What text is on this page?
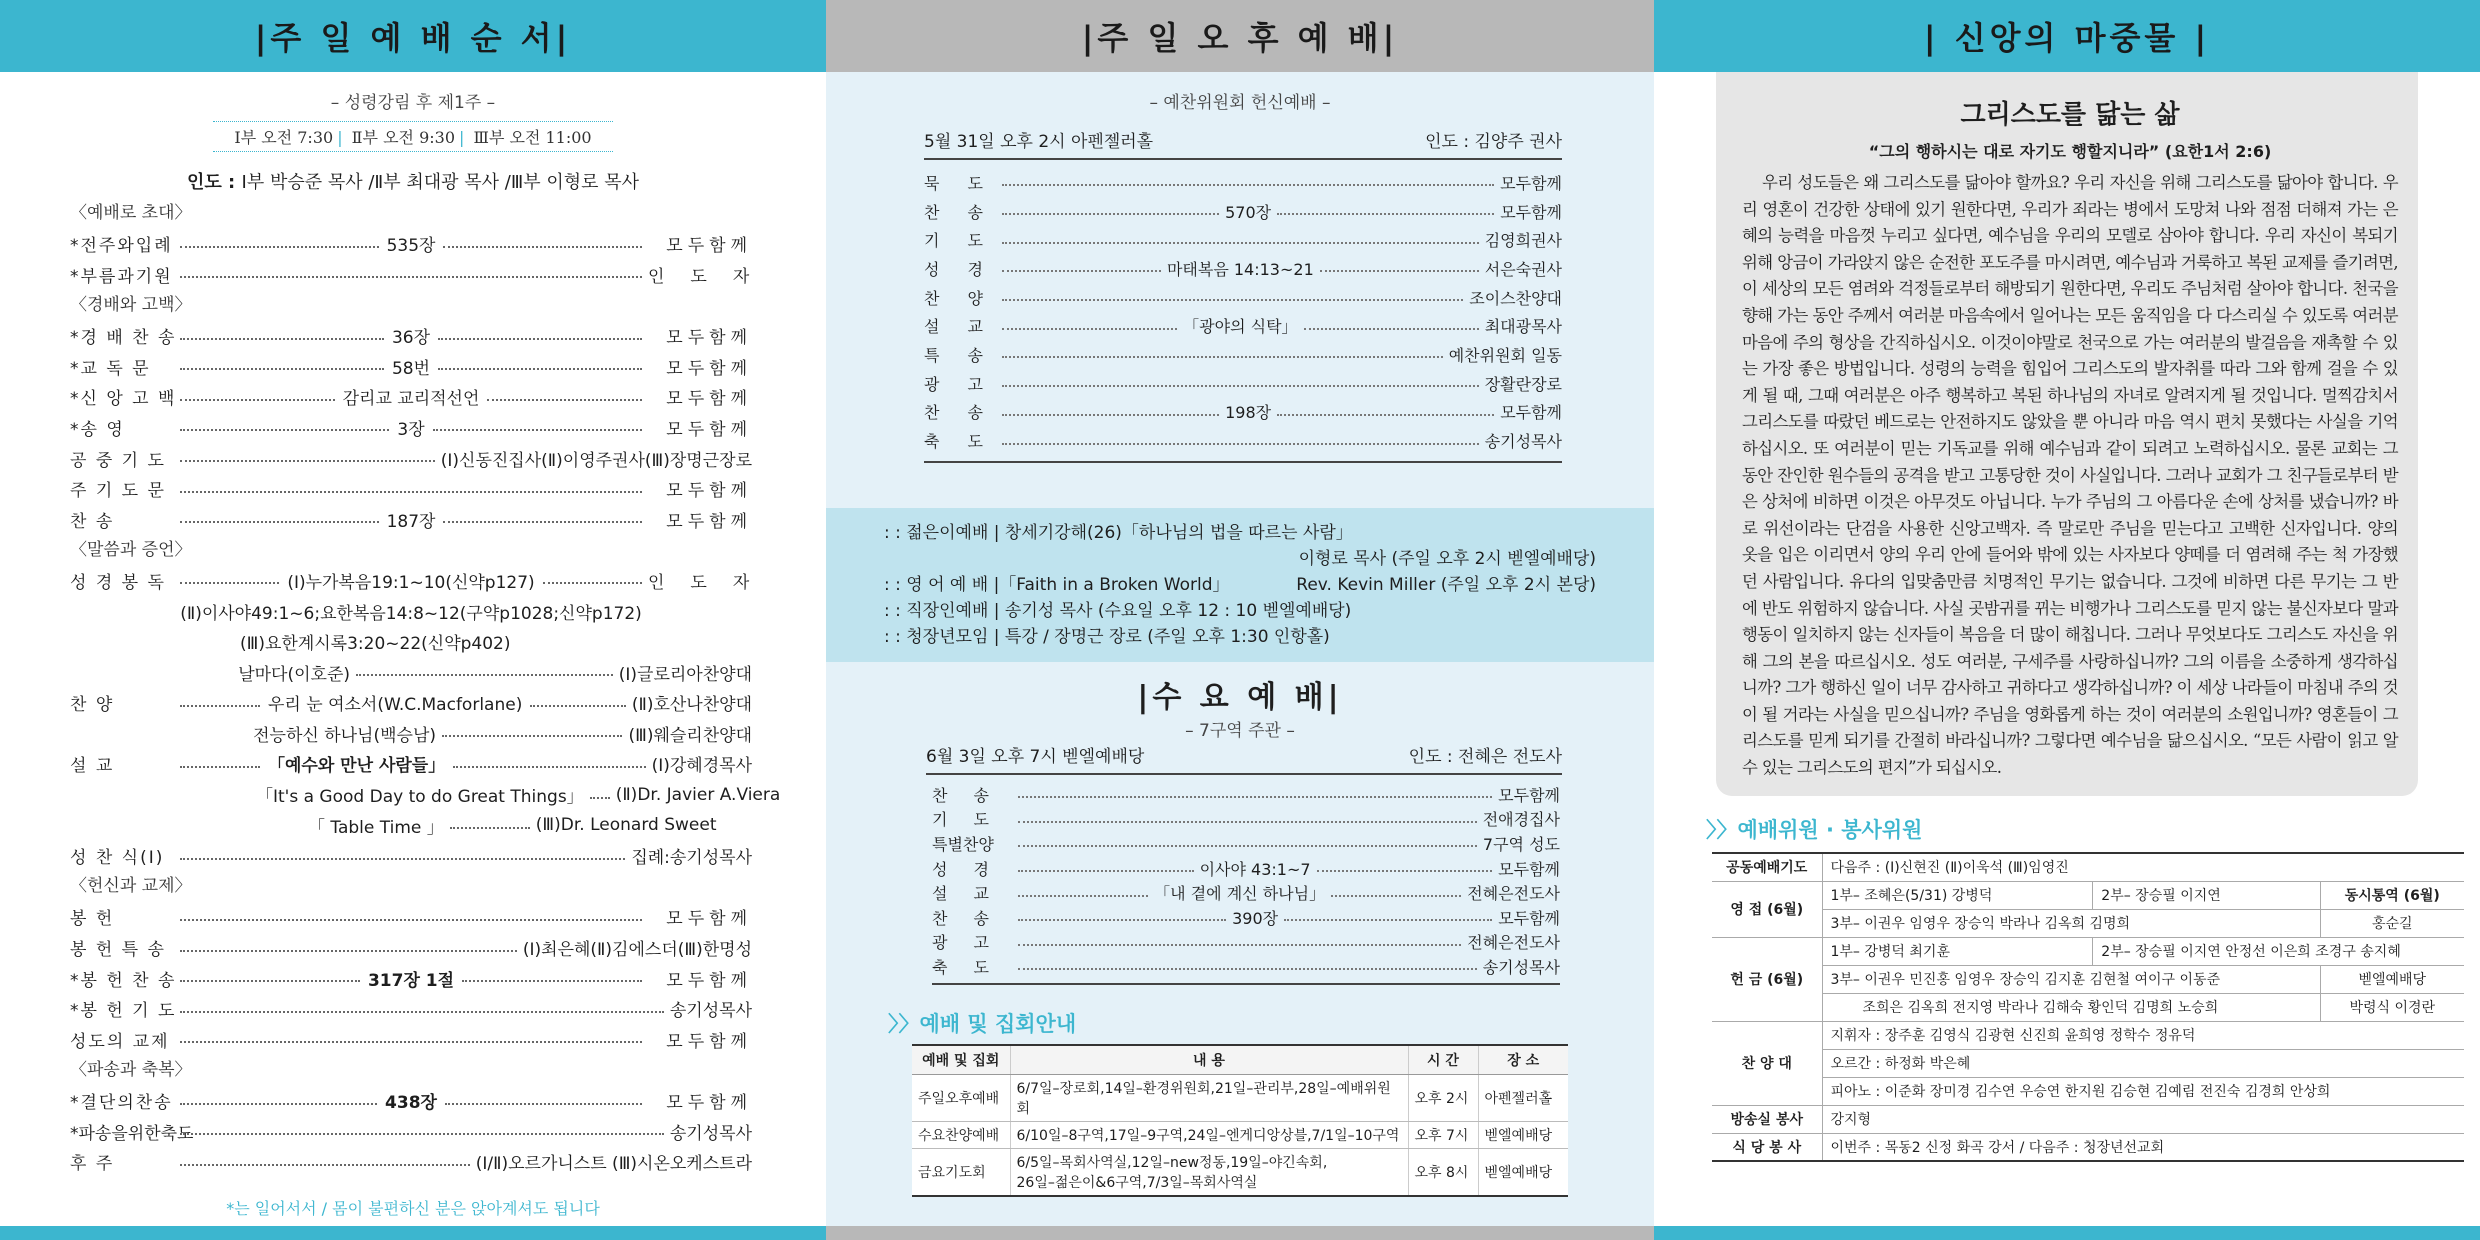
|주 일 예 배 순 서|
– 성령강림 후 제1주 –
Ⅰ부 오전 7:30 | Ⅱ부 오전 9:30 | Ⅲ부 오전 11:00
인도 : Ⅰ부 박승준 목사 /Ⅱ부 최대광 목사 /Ⅲ부 이형로 목사
〈예배로 초대〉
*전주와입례	535장	모두함께
*부름과기원	인도자
〈경배와 고백〉
*경 배 찬 송	36장	모두함께
*교 독 문	58번	모두함께
*신 앙 고 백	감리교 교리적선언	모두함께
*송 영	3장	모두함께
공 중 기 도	(Ⅰ)신동진집사(Ⅱ)이영주권사(Ⅲ)장명근장로
주 기 도 문	모두함께
찬 송	187장	모두함께
〈말씀과 증언〉
성 경 봉 독	(Ⅰ)누가복음19:1~10(신약p127)	인도자
(Ⅱ)이사야49:1~6;요한복음14:8~12(구약p1028;신약p172)
(Ⅲ)요한계시록3:20~22(신약p402)
날마다(이호준)	(Ⅰ)글로리아찬양대
찬 양	우리 눈 여소서(W.C.Macforlane)	(Ⅱ)호산나찬양대
전능하신 하나님(백승남)	(Ⅲ)웨슬리찬양대
설 교	「예수와 만난 사람들」	(Ⅰ)강혜경목사
「It's a Good Day to do Great Things」 (Ⅱ)Dr. Javier A.Viera
「 Table Time 」	(Ⅲ)Dr. Leonard Sweet
성 찬 식(Ⅰ)	집례:송기성목사
〈헌신과 교제〉
봉 헌	모두함께
봉 헌 특 송	(Ⅰ)최은혜(Ⅱ)김에스더(Ⅲ)한명성
*봉 헌 찬 송	317장 1절	모두함께
*봉 헌 기 도	송기성목사
성도의 교제	모두함께
〈파송과 축복〉
*결단의찬송	438장	모두함께
*파송을위한축도	송기성목사
후 주	(Ⅰ/Ⅱ)오르가니스트 (Ⅲ)시온오케스트라
*는 일어서서 / 몸이 불편하신 분은 앉아계셔도 됩니다
|주 일 오 후 예 배|
– 예찬위원회 헌신예배 –
5월 31일 오후 2시 아펜젤러홀	인도 : 김양주 권사
묵도	모두함께
찬송	570장	모두함께
기도	김영희권사
성경	마태복음 14:13~21	서은숙권사
찬양	조이스찬양대
설교	「광야의 식탁」	최대광목사
특송	예찬위원회 일동
광고	장활란장로
찬송	198장	모두함께
축도	송기성목사
: : 젊은이예배 | 창세기강해(26)「하나님의 법을 따르는 사람」
이형로 목사 (주일 오후 2시 벧엘예배당)
: : 영 어 예 배 |「Faith in a Broken World」	Rev. Kevin Miller (주일 오후 2시 본당)
: : 직장인예배 | 송기성 목사 (수요일 오후 12 : 10 벧엘예배당)
: : 청장년모임 | 특강 / 장명근 장로 (주일 오후 1:30 인항홀)
|수 요 예 배|
– 7구역 주관 –
6월 3일 오후 7시 벧엘예배당	인도 : 전혜은 전도사
찬송	모두함께
기도	전애경집사
특별찬양	7구역 성도
성경	이사야 43:1~7	모두함께
설교	「내 곁에 계신 하나님」	전혜은전도사
찬송	390장	모두함께
광고	전혜은전도사
축도	송기성목사
〉〉예배 및 집회안내
예배 및 집회	내 용	시 간	장 소
주일오후예배	6/7일–장로회,14일–환경위원회,21일–관리부,28일–예배위원회	오후 2시	아펜젤러홀
수요찬양예배	6/10일–8구역,17일–9구역,24일–엔게디앙상블,7/1일–10구역	오후 7시	벧엘예배당
금요기도회	6/5일–목회사역실,12일–new정동,19일–야긴속회,
26일–젊은이&6구역,7/3일–목회사역실	오후 8시	벧엘예배당
| 신앙의 마중물 |
그리스도를 닮는 삶
“그의 행하시는 대로 자기도 행할지니라” (요한1서 2:6)
우리 성도들은 왜 그리스도를 닮아야 할까요? 우리 자신을 위해 그리스도를 닮아야 합니다. 우리 영혼이 건강한 상태에 있기 원한다면, 우리가 죄라는 병에서 도망쳐 나와 점점 더해져 가는 은혜의 능력을 마음껏 누리고 싶다면, 예수님을 우리의 모델로 삼아야 합니다. 우리 자신이 복되기 위해 앙금이 가라앉지 않은 순전한 포도주를 마시려면, 예수님과 거룩하고 복된 교제를 즐기려면, 이 세상의 모든 염려와 걱정들로부터 해방되기 원한다면, 우리도 주님처럼 살아야 합니다. 천국을 향해 가는 동안 주께서 여러분 마음속에서 일어나는 모든 움직임을 다 다스리실 수 있도록 여러분 마음에 주의 형상을 간직하십시오. 이것이야말로 천국으로 가는 여러분의 발걸음을 재촉할 수 있는 가장 좋은 방법입니다. 성령의 능력을 힘입어 그리스도의 발자취를 따라 그와 함께 걸을 수 있게 될 때, 그때 여러분은 아주 행복하고 복된 하나님의 자녀로 알려지게 될 것입니다. 멀찍감치서 그리스도를 따랐던 베드로는 안전하지도 않았을 뿐 아니라 마음 역시 편치 못했다는 사실을 기억하십시오. 또 여러분이 믿는 기독교를 위해 예수님과 같이 되려고 노력하십시오. 물론 교회는 그 동안 잔인한 원수들의 공격을 받고 고통당한 것이 사실입니다. 그러나 교회가 그 친구들로부터 받은 상처에 비하면 이것은 아무것도 아닙니다. 누가 주님의 그 아름다운 손에 상처를 냈습니까? 바로 위선이라는 단검을 사용한 신앙고백자. 즉 말로만 주님을 믿는다고 고백한 신자입니다. 양의 옷을 입은 이리면서 양의 우리 안에 들어와 밖에 있는 사자보다 양떼를 더 염려해 주는 척 가장했던 사람입니다. 유다의 입맞춤만큼 치명적인 무기는 없습니다. 그것에 비하면 다른 무기는 그 반에 반도 위험하지 않습니다. 사실 곳밤귀를 뀌는 비행가나 그리스도를 믿지 않는 불신자보다 말과 행동이 일치하지 않는 신자들이 복음을 더 많이 해칩니다. 그러나 무엇보다도 그리스도 자신을 위해 그의 본을 따르십시오. 성도 여러분, 구세주를 사랑하십니까? 그의 이름을 소중하게 생각하십니까? 그가 행하신 일이 너무 감사하고 귀하다고 생각하십니까? 이 세상 나라들이 마침내 주의 것이 될 거라는 사실을 믿으십니까? 주님을 영화롭게 하는 것이 여러분의 소원입니까? 영혼들이 그리스도를 믿게 되기를 간절히 바라십니까? 그렇다면 예수님을 닮으십시오. “모든 사람이 읽고 알 수 있는 그리스도의 편지”가 되십시오.
〉〉예배위원 · 봉사위원
공동예배기도	다음주 : (Ⅰ)신현진 (Ⅱ)이욱석 (Ⅲ)임영진		
영 접 (6월)	1부– 조혜은(5/31) 강병덕	2부– 장승필 이지연	동시통역 (6월)
	3부– 이권우 임영우 장승익 박라나 김옥희 김명희		홍순길
헌 금 (6월)	1부– 강병덕 최기훈	2부– 장승필 이지연 안정선 이은희 조경구 송지혜	
	3부– 이권우 민진홍 임영우 장승익 김지훈 김현철 여이구 이동준		벧엘예배당
	조희은 김옥희 전지영 박라나 김해숙 황인덕 김명희 노승희		박령식 이경란
찬 양 대	지휘자 : 장주훈 김영식 김광현 신진희 윤희영 정학수 정유덕		
	오르간 : 하정화 박은혜		
	피아노 : 이준화 장미경 김수연 우승연 한지원 김승현 김예림 전진숙 김경희 안상희		
방송실 봉사	강지형		
식 당 봉 사	이번주 : 목동2 신정 화곡 강서 / 다음주 : 청장년선교회		
